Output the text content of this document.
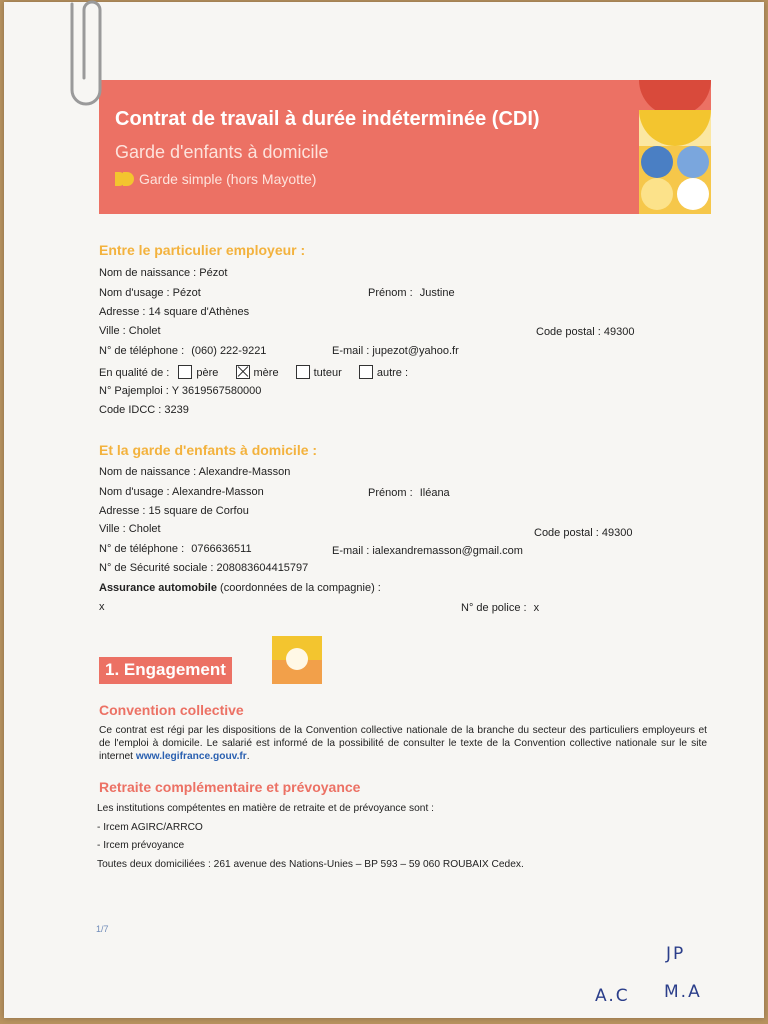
Contrat de travail à durée indéterminée (CDI)
Garde d'enfants à domicile
Garde simple (hors Mayotte)
Entre le particulier employeur :
Nom de naissance : Pézot
Nom d'usage : Pézot	Prénom : Justine
Adresse : 14 square d'Athènes
Ville : Cholet	Code postal : 49300
N° de téléphone : (060) 222-9221	E-mail : jupezot@yahoo.fr
En qualité de : père	mère	tuteur	autre :
N° Pajemploi : Y 3619567580000
Code IDCC : 3239
Et la garde d'enfants à domicile :
Nom de naissance : Alexandre-Masson
Nom d'usage : Alexandre-Masson	Prénom : Iléana
Adresse : 15 square de Corfou
Ville : Cholet	Code postal : 49300
N° de téléphone : 0766636511	E-mail : ialexandremasson@gmail.com
N° de Sécurité sociale : 208083604415797
Assurance automobile (coordonnées de la compagnie) :
x	N° de police : x
1. Engagement
Convention collective
Ce contrat est régi par les dispositions de la Convention collective nationale de la branche du secteur des particuliers employeurs et de l'emploi à domicile. Le salarié est informé de la possibilité de consulter le texte de la Convention collective nationale sur le site internet www.legifrance.gouv.fr.
Retraite complémentaire et prévoyance
Les institutions compétentes en matière de retraite et de prévoyance sont :
- Ircem AGIRC/ARRCO
- Ircem prévoyance
Toutes deux domiciliées : 261 avenue des Nations-Unies – BP 593 – 59 060 ROUBAIX Cedex.
1/7
JP
A.C M.A
